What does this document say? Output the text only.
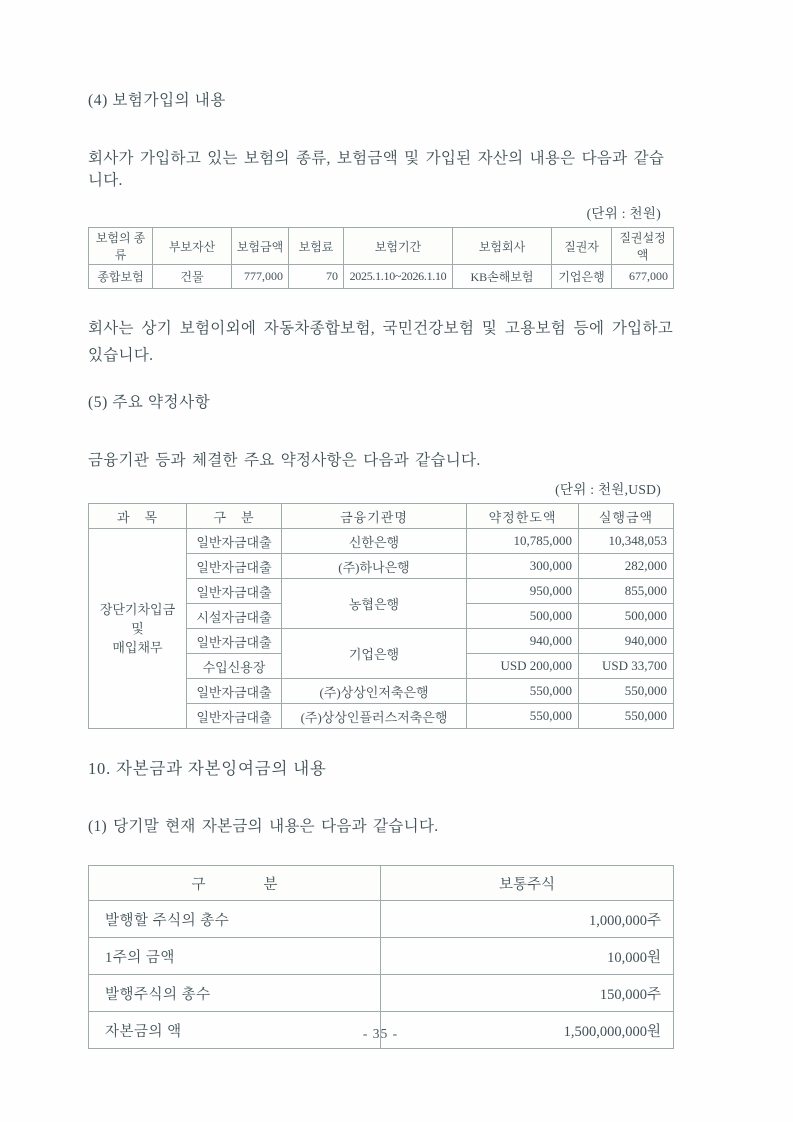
(4) 보험가입의 내용
회사가 가입하고 있는 보험의 종류, 보험금액 및 가입된 자산의 내용은 다음과 같습니다.
(단위 : 천원)
보험의 종류	부보자산	보험금액	보험료	보험기간	보험회사	질권자	질권설정액
종합보험	건물	777,000	70	2025.1.10~2026.1.10	KB손해보험	기업은행	677,000
회사는 상기 보험이외에 자동차종합보험, 국민건강보험 및 고용보험 등에 가입하고 있습니다.
(5) 주요 약정사항
금융기관 등과 체결한 주요 약정사항은 다음과 같습니다.
(단위 : 천원,USD)
과　목	구　분	금융기관명	약정한도액	실행금액

장단기차입금 및
매입채무	일반자금대출	신한은행	10,785,000	10,348,053
	일반자금대출	(주)하나은행	300,000	282,000
	일반자금대출	농협은행	950,000	855,000
	시설자금대출		500,000	500,000
	일반자금대출	기업은행	940,000	940,000
	수입신용장		USD 200,000	USD 33,700
	일반자금대출	(주)상상인저축은행	550,000	550,000
	일반자금대출	(주)상상인플러스저축은행	550,000	550,000
10. 자본금과 자본잉여금의 내용
(1) 당기말 현재 자본금의 내용은 다음과 같습니다.
구　　　　분	보통주식
발행할 주식의 총수	1,000,000주
1주의 금액	10,000원
발행주식의 총수	150,000주
자본금의 액	1,500,000,000원
- 35 -
